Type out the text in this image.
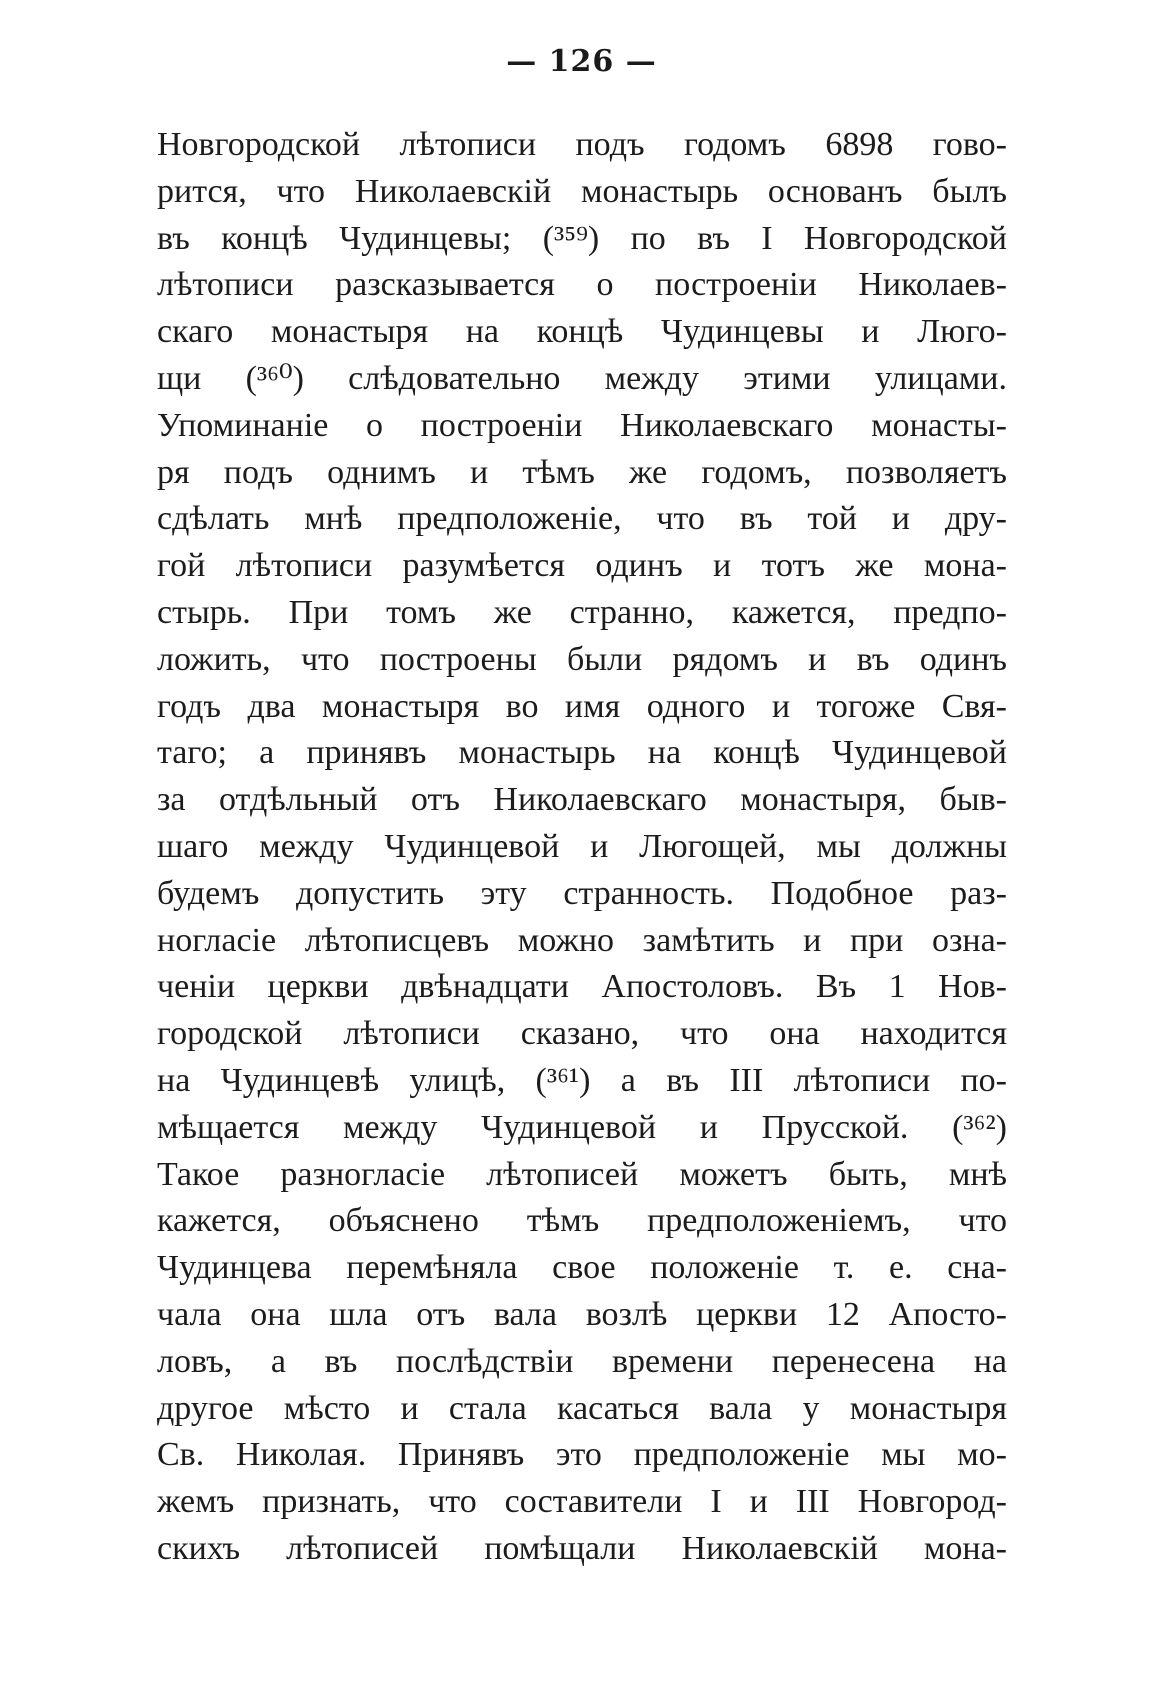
— 126 —
Новгородской лѣтописи подъ годомъ 6898 гово-
рится, что Николаевскій монастырь основанъ былъ
въ концѣ Чудинцевы; (³⁵⁹) по въ I Новгородской
лѣтописи разсказывается о построеніи Николаев-
скаго монастыря на концѣ Чудинцевы и Люго-
щи (³⁶⁰) слѣдовательно между этими улицами.
Упоминаніе о построеніи Николаевскаго монасты-
ря подъ однимъ и тѣмъ же годомъ, позволяетъ
сдѣлать мнѣ предположеніе, что въ той и дру-
гой лѣтописи разумѣется одинъ и тотъ же мона-
стырь. При томъ же странно, кажется, предпо-
ложить, что построены были рядомъ и въ одинъ
годъ два монастыря во имя одного и тогоже Свя-
таго; а принявъ монастырь на концѣ Чудинцевой
за отдѣльный отъ Николаевскаго монастыря, быв-
шаго между Чудинцевой и Люгощей, мы должны
будемъ допустить эту странность. Подобное раз-
ногласіе лѣтописцевъ можно замѣтить и при озна-
ченіи церкви двѣнадцати Апостоловъ. Въ 1 Нов-
городской лѣтописи сказано, что она находится
на Чудинцевѣ улицѣ, (³⁶¹) а въ III лѣтописи по-
мѣщается между Чудинцевой и Прусской. (³⁶²)
Такое разногласіе лѣтописей можетъ быть, мнѣ
кажется, объяснено тѣмъ предположеніемъ, что
Чудинцева перемѣняла свое положеніе т. е. сна-
чала она шла отъ вала возлѣ церкви 12 Апосто-
ловъ, а въ послѣдствіи времени перенесена на
другое мѣсто и стала касаться вала у монастыря
Св. Николая. Принявъ это предположеніе мы мо-
жемъ признать, что составители I и III Новгород-
скихъ лѣтописей помѣщали Николаевскій мона-
